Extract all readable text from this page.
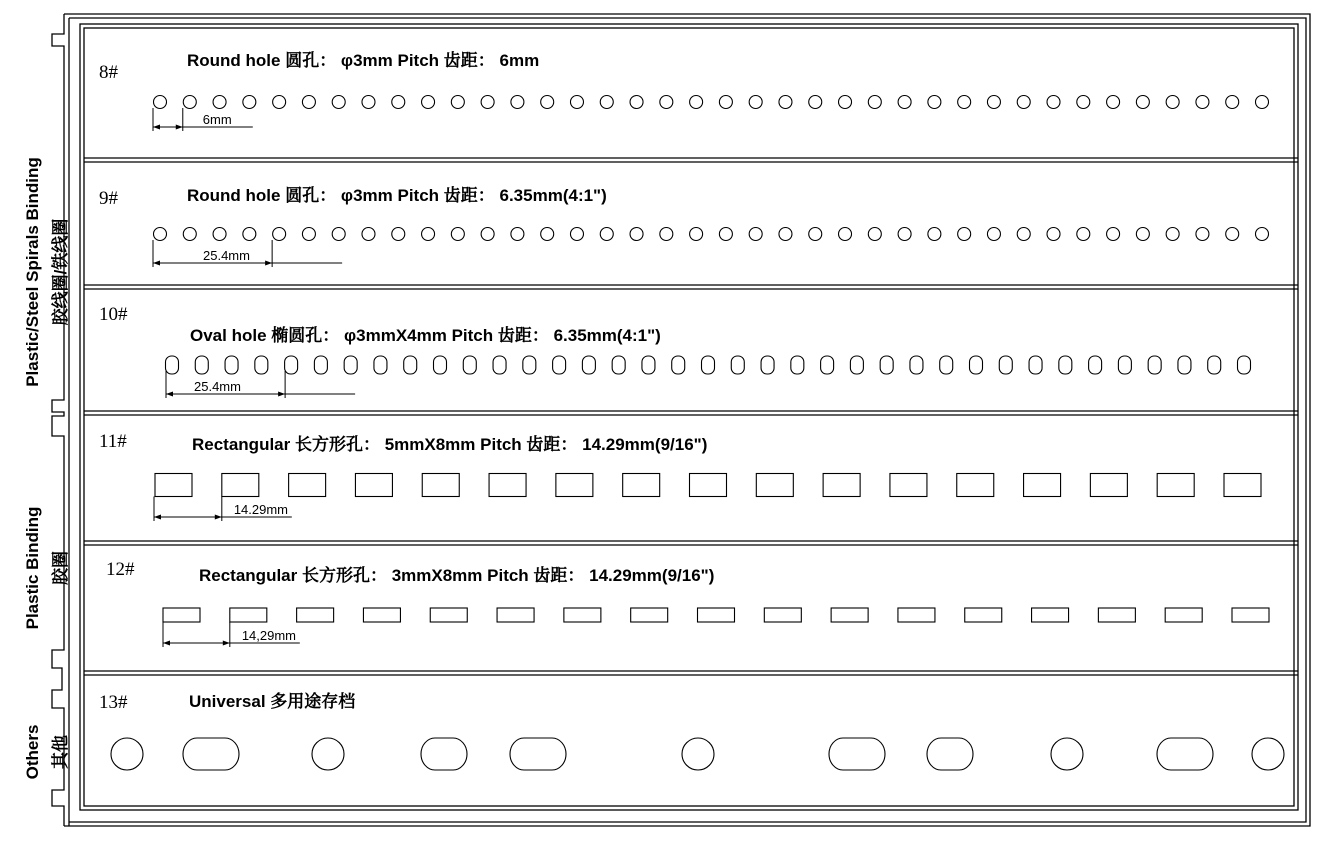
Plastic/Steel Spirals Binding 胶线圈/铁线圈
Plastic Binding 胶圈
Others 其他
8#
Round hole 圆孔： φ3mm Pitch 齿距： 6mm
6mm
9#	Round hole 圆孔： φ3mm Pitch 齿距： 6.35mm(4:1")
25.4mm
10#
Oval hole 椭圆孔： φ3mmX4mm Pitch 齿距： 6.35mm(4:1")
25.4mm
11#	Rectangular 长方形孔： 5mmX8mm Pitch 齿距： 14.29mm(9/16")
14.29mm
12#	Rectangular 长方形孔： 3mmX8mm Pitch 齿距： 14.29mm(9/16")
14,29mm
13#	Universal 多用途存档
